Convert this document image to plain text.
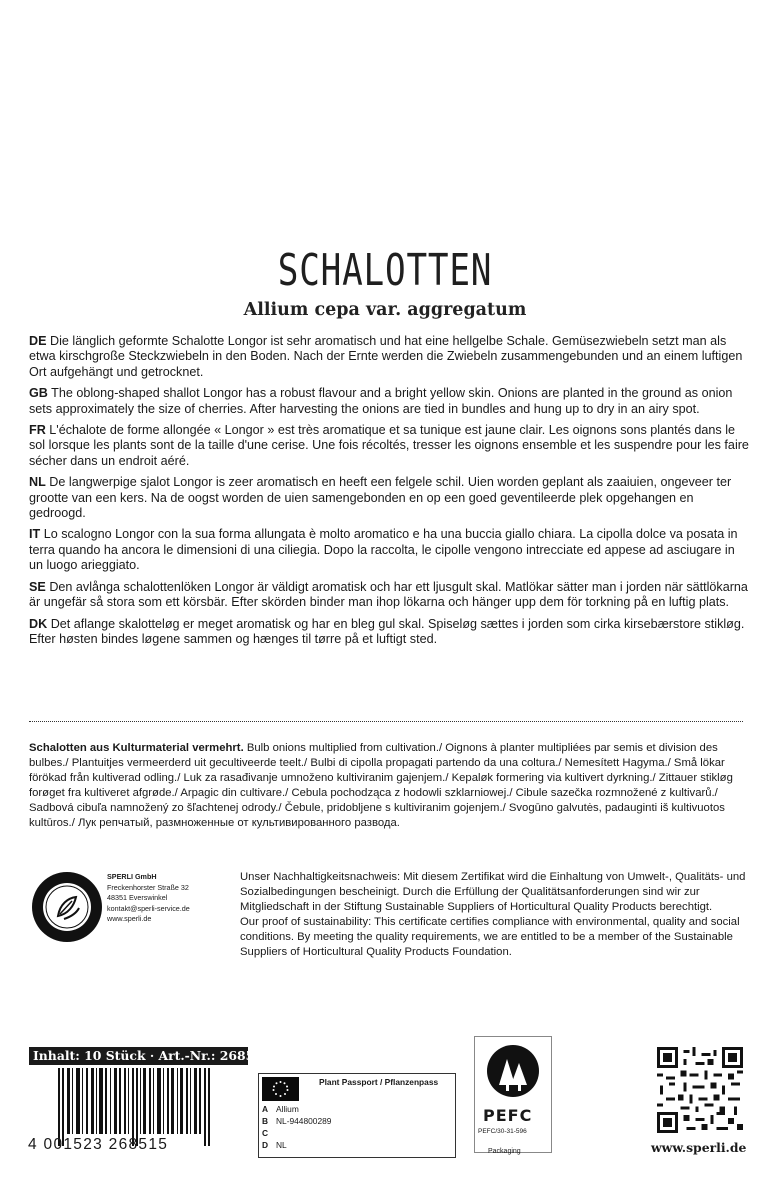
SCHALOTTEN
Allium cepa var. aggregatum

DE Die länglich geformte Schalotte Longor ist sehr aromatisch und hat eine hellgelbe Schale. Gemüsezwiebeln setzt man als etwa kirschgroße Steckzwiebeln in den Boden. Nach der Ernte werden die Zwiebeln zusammengebunden und an einem luftigen Ort aufgehängt und getrocknet.

GB The oblong-shaped shallot Longor has a robust flavour and a bright yellow skin. Onions are planted in the ground as onion sets approximately the size of cherries. After harvesting the onions are tied in bundles and hung up to dry in an airy spot.

FR L'échalote de forme allongée « Longor » est très aromatique et sa tunique est jaune clair. Les oignons sons plantés dans le sol lorsque les plants sont de la taille d'une cerise. Une fois récoltés, tresser les oignons ensemble et les suspendre pour les faire sécher dans un endroit aéré.

NL De langwerpige sjalot Longor is zeer aromatisch en heeft een felgele schil. Uien worden geplant als zaaiuien, ongeveer ter grootte van een kers. Na de oogst worden de uien samengebonden en op een goed geventileerde plek opgehangen en gedroogd.

IT Lo scalogno Longor con la sua forma allungata è molto aromatico e ha una buccia giallo chiara. La cipolla dolce va posata in terra quando ha ancora le dimensioni di una ciliegia. Dopo la raccolta, le cipolle vengono intrecciate ed appese ad asciugare in un luogo arieggiato.

SE Den avlånga schalottenlöken Longor är väldigt aromatisk och har ett ljusgult skal. Matlökar sätter man i jorden när sättlökarna är ungefär så stora som ett körsbär. Efter skörden binder man ihop lökarna och hänger upp dem för torkning på en luftig plats.

DK Det aflange skalotteløg er meget aromatisk og har en bleg gul skal. Spiseløg sættes i jorden som cirka kirsebærstore stikløg. Efter høsten bindes løgene sammen og hænges til tørre på et luftigt sted.

Schalotten aus Kulturmaterial vermehrt. Bulb onions multiplied from cultivation./ Oignons à planter multipliées par semis et division des bulbes./ Plantuitjes vermeerderd uit gecultiveerde teelt./ Bulbi di cipolla propagati partendo da una coltura./ Nemesített Hagyma./ Små lökar förökad från kultiverad odling./ Luk za rasađivanje umnoženo kultiviranim gajenjem./ Kepaløk formering via kultivert dyrkning./ Zittauer stikløg forøget fra kultiveret afgrøde./ Arpagic din cultivare./ Cebula pochodząca z hodowli szklarniowej./ Cibule sazečka rozmnožené z kultivarů./ Sadbová cibuľa namnožený zo šľachtenej odrody./ Čebule, pridobljene s kultiviranim gojenjem./ Svogūno galvutės, padauginti iš kultivuotos kultūros./ Лук репчатый, размноженные от культивированного развода.
SPERLI GmbH
Freckenhorster Straße 32
48351 Everswinkel
kontakt@sperli-service.de
www.sperli.de
Unser Nachhaltigkeitsnachweis: Mit diesem Zertifikat wird die Einhaltung von Umwelt-, Qualitäts- und Sozialbedingungen bescheinigt. Durch die Erfüllung der Qualitätsanforderungen sind wir zur Mitgliedschaft in der Stiftung Sustainable Suppliers of Horticultural Quality Products berechtigt.
Our proof of sustainability: This certificate certifies compliance with environmental, quality and social conditions. By meeting the quality requirements, we are entitled to be a member of the Sustainable Suppliers of Horticultural Quality Products Foundation.
Inhalt: 10 Stück · Art.-Nr.: 268515
4 001523 268515
Plant Passport / Pflanzenpass
A Allium
B NL-944800289
C
D NL
PEFC
PEFC/30-31-596
Packaging	www.sperli.de
